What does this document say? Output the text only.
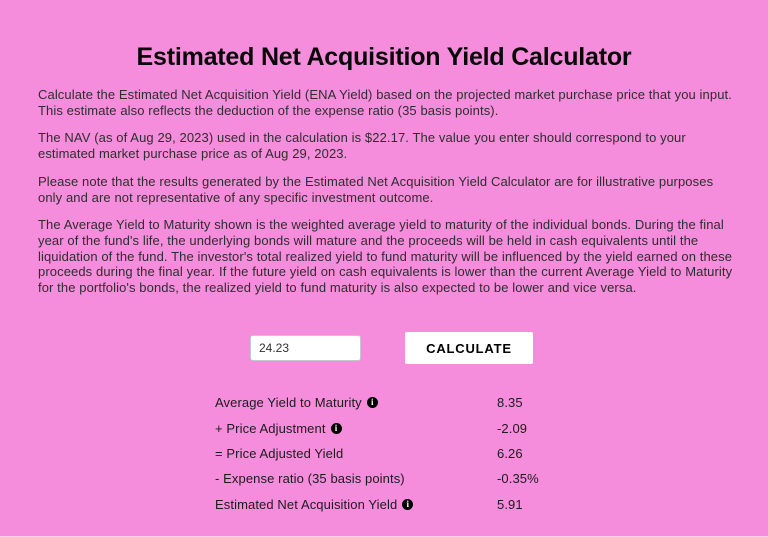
Estimated Net Acquisition Yield Calculator

Calculate the Estimated Net Acquisition Yield (ENA Yield) based on the projected market purchase price that you input. This estimate also reflects the deduction of the expense ratio (35 basis points).

The NAV (as of Aug 29, 2023) used in the calculation is $22.17. The value you enter should correspond to your estimated market purchase price as of Aug 29, 2023.

Please note that the results generated by the Estimated Net Acquisition Yield Calculator are for illustrative purposes only and are not representative of any specific investment outcome.

The Average Yield to Maturity shown is the weighted average yield to maturity of the individual bonds. During the final year of the fund's life, the underlying bonds will mature and the proceeds will be held in cash equivalents until the liquidation of the fund. The investor's total realized yield to fund maturity will be influenced by the yield earned on these proceeds during the final year. If the future yield on cash equivalents is lower than the current Average Yield to Maturity for the portfolio's bonds, the realized yield to fund maturity is also expected to be lower and vice versa.

24.23
CALCULATE
Average Yield to Maturity	i	8.35
+ Price Adjustment	i	-2.09
= Price Adjusted Yield	6.26
- Expense ratio (35 basis points)	-0.35%
Estimated Net Acquisition Yield	i	5.91
